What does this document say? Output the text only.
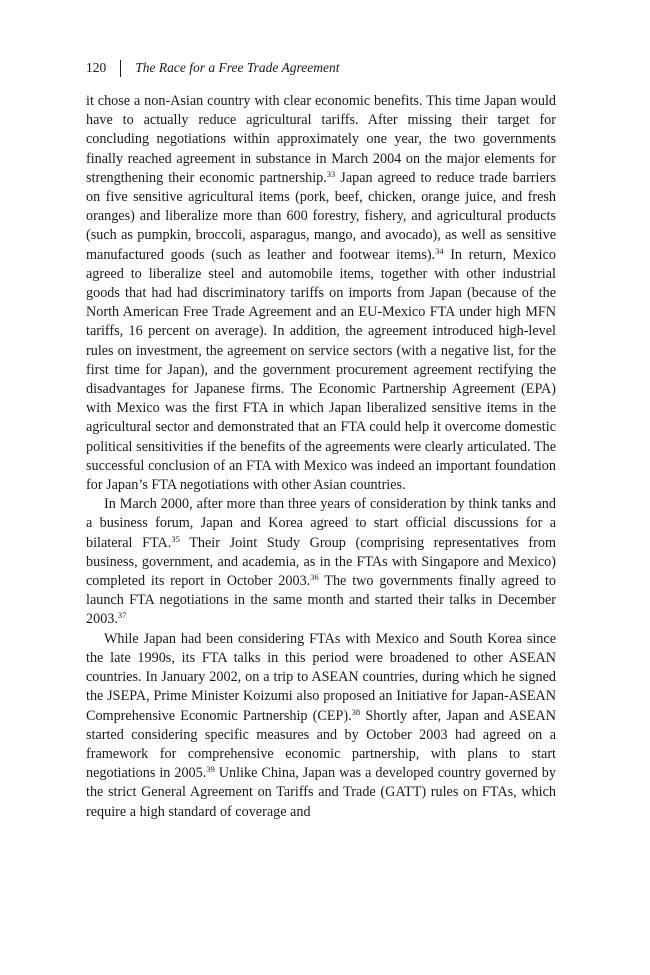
120 The Race for a Free Trade Agreement

it chose a non-Asian country with clear economic benefits. This time Japan would have to actually reduce agricultural tariffs. After missing their target for concluding negotiations within approximately one year, the two governments finally reached agreement in substance in March 2004 on the major elements for strengthening their economic partnership.$^{33}$ Japan agreed to reduce trade barriers on five sensitive agricultural items (pork, beef, chicken, orange juice, and fresh oranges) and liberalize more than 600 forestry, fishery, and agricultural products (such as pumpkin, broccoli, asparagus, mango, and avocado), as well as sensitive manufactured goods (such as leather and footwear items).$^{34}$ In return, Mexico agreed to liberalize steel and automobile items, together with other industrial goods that had had discriminatory tariffs on imports from Japan (because of the North American Free Trade Agreement and an EU-Mexico FTA under high MFN tariffs, 16 percent on average). In addition, the agreement introduced high-level rules on investment, the agreement on service sectors (with a negative list, for the first time for Japan), and the government procurement agreement rectifying the disadvantages for Japanese firms. The Economic Partnership Agreement (EPA) with Mexico was the first FTA in which Japan liberalized sensitive items in the agricultural sector and demonstrated that an FTA could help it overcome domestic political sensitivities if the benefits of the agreements were clearly articulated. The successful conclusion of an FTA with Mexico was indeed an important foundation for Japan’s FTA negotiations with other Asian countries.

In March 2000, after more than three years of consideration by think tanks and a business forum, Japan and Korea agreed to start official discussions for a bilateral FTA.$^{35}$ Their Joint Study Group (comprising representatives from business, government, and academia, as in the FTAs with Singapore and Mexico) completed its report in October 2003.36 The two governments finally agreed to launch FTA negotiations in the same month and started their talks in December 2003.37

While Japan had been considering FTAs with Mexico and South Korea since the late 1990s, its FTA talks in this period were broadened to other ASEAN countries. In January 2002, on a trip to ASEAN countries, during which he signed the JSEPA, Prime Minister Koizumi also proposed an Initiative for Japan-ASEAN Comprehensive Economic Partnership (CEP).$^{38}$ Shortly after, Japan and ASEAN started considering specific measures and by October 2003 had agreed on a framework for comprehensive economic partnership, with plans to start negotiations in 2005.39 Unlike China, Japan was a developed country governed by the strict General Agreement on Tariffs and Trade (GATT) rules on FTAs, which require a high standard of coverage and
